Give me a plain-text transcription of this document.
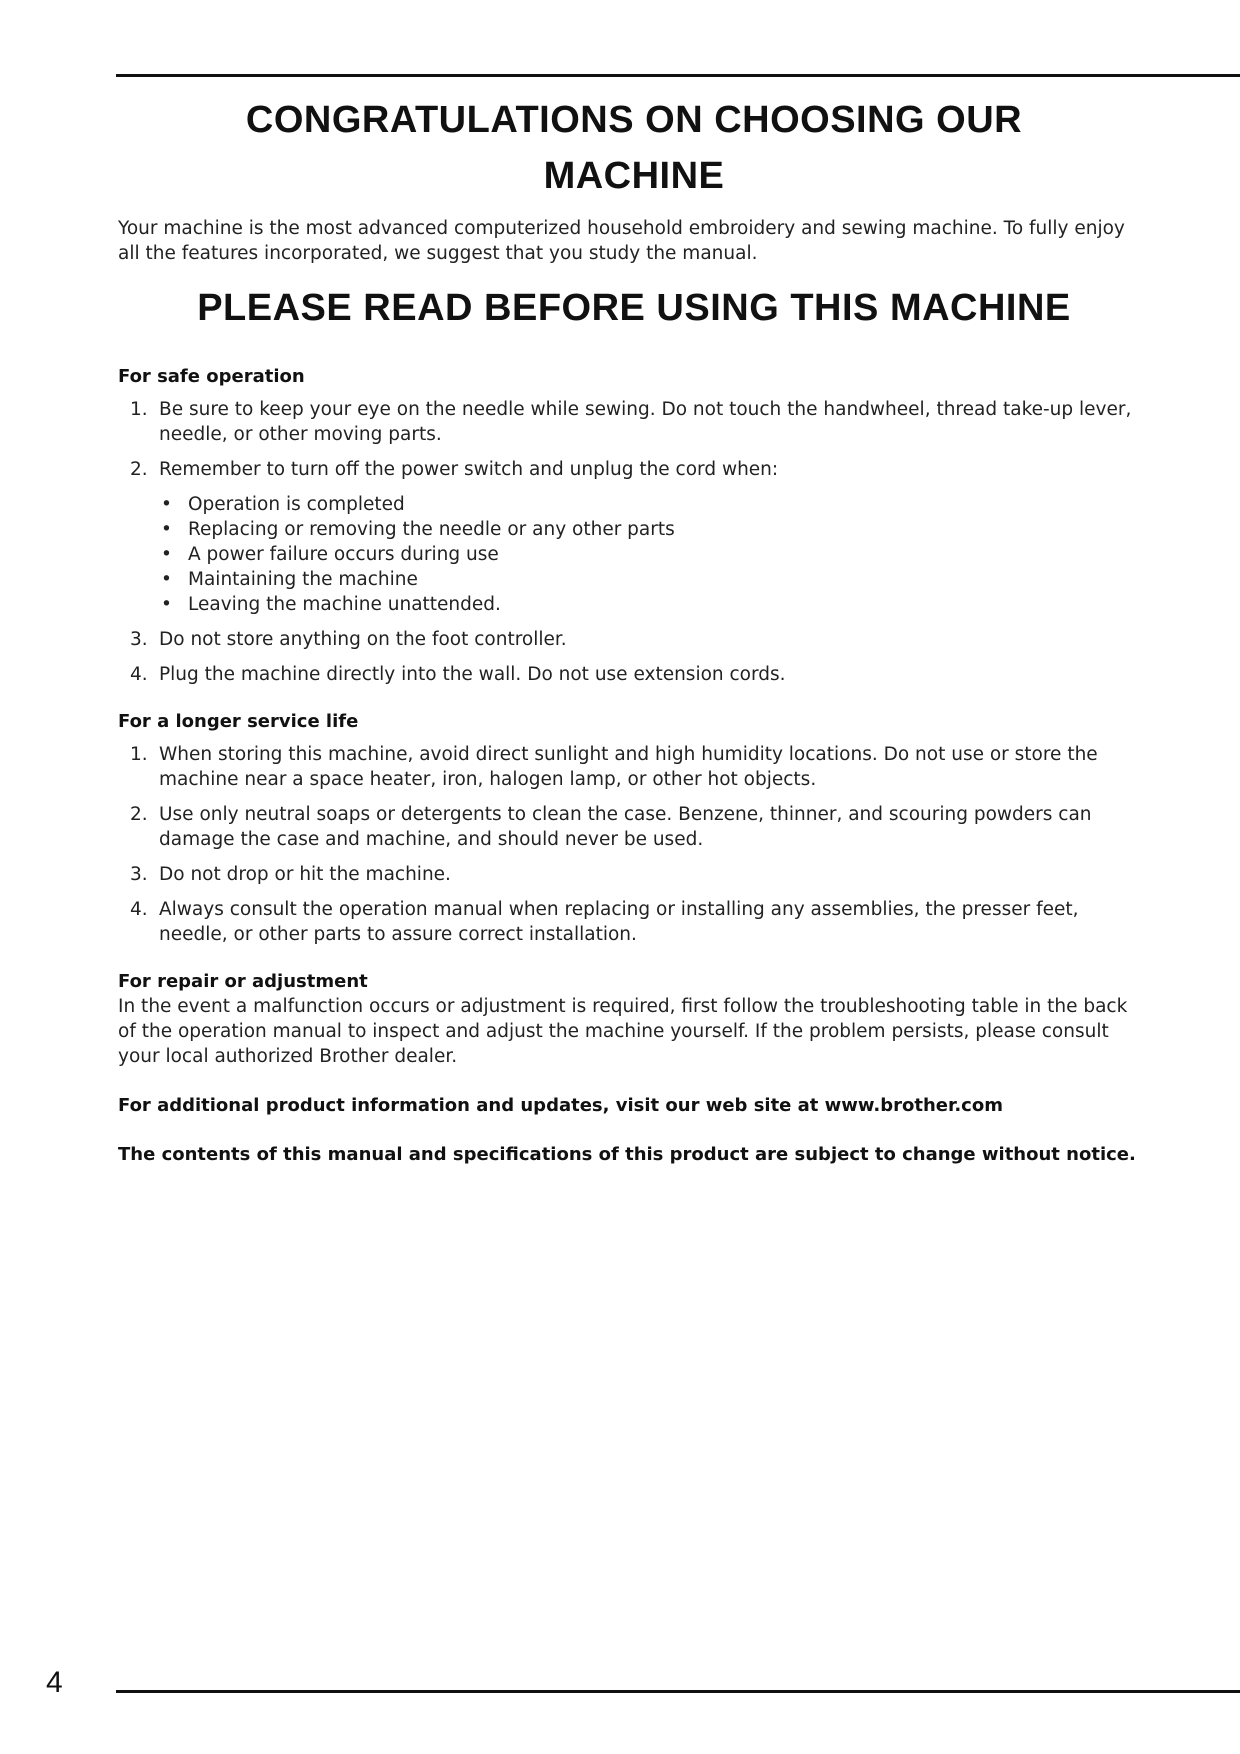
CONGRATULATIONS ON CHOOSING OUR
MACHINE

Your machine is the most advanced computerized household embroidery and sewing machine. To fully enjoy all the features incorporated, we suggest that you study the manual.

PLEASE READ BEFORE USING THIS MACHINE

For safe operation

1. Be sure to keep your eye on the needle while sewing. Do not touch the handwheel, thread take-up lever, needle, or other moving parts.
2. Remember to turn off the power switch and unplug the cord when:
• Operation is completed
• Replacing or removing the needle or any other parts
• A power failure occurs during use
• Maintaining the machine
• Leaving the machine unattended.
3. Do not store anything on the foot controller.
4. Plug the machine directly into the wall. Do not use extension cords.

For a longer service life

1. When storing this machine, avoid direct sunlight and high humidity locations. Do not use or store the machine near a space heater, iron, halogen lamp, or other hot objects.
2. Use only neutral soaps or detergents to clean the case. Benzene, thinner, and scouring powders can damage the case and machine, and should never be used.
3. Do not drop or hit the machine.
4. Always consult the operation manual when replacing or installing any assemblies, the presser feet, needle, or other parts to assure correct installation.

For repair or adjustment

In the event a malfunction occurs or adjustment is required, first follow the troubleshooting table in the back of the operation manual to inspect and adjust the machine yourself. If the problem persists, please consult your local authorized Brother dealer.

For additional product information and updates, visit our web site at www.brother.com

The contents of this manual and specifications of this product are subject to change without notice.

4
